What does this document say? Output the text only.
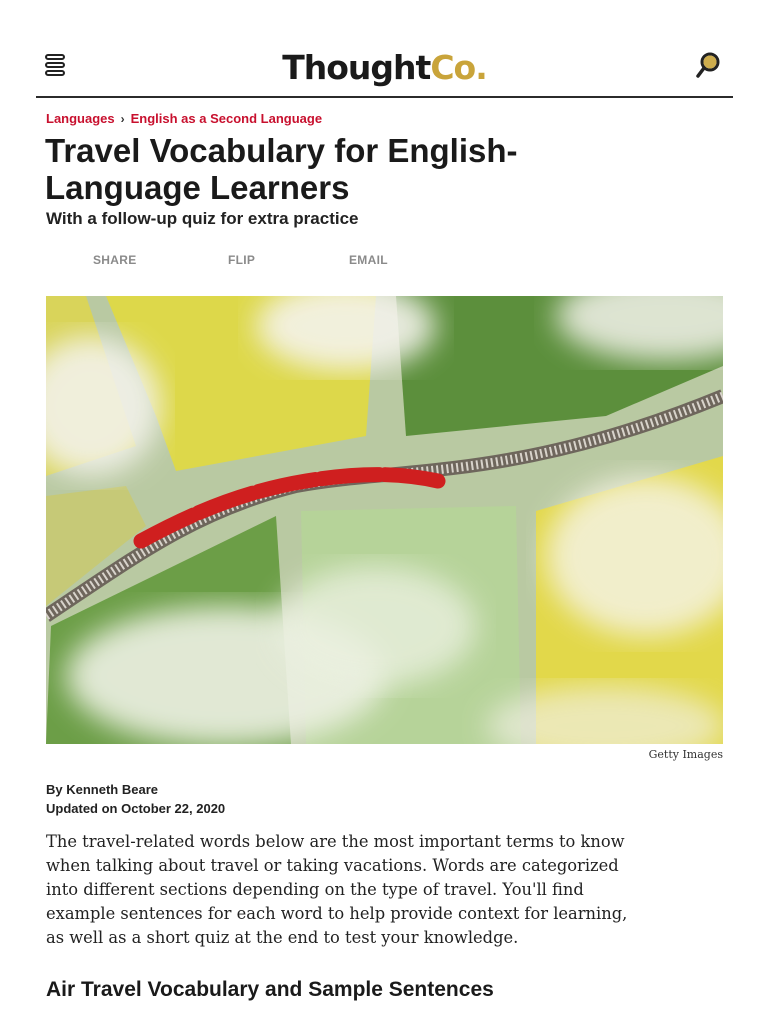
ThoughtCo.
Languages › English as a Second Language
Travel Vocabulary for English-Language Learners
With a follow-up quiz for extra practice
SHARE	FLIP	EMAIL
Getty Images
By Kenneth Beare
Updated on October 22, 2020

The travel-related words below are the most important terms to know when talking about travel or taking vacations. Words are categorized into different sections depending on the type of travel. You'll find example sentences for each word to help provide context for learning, as well as a short quiz at the end to test your knowledge.

Air Travel Vocabulary and Sample Sentences
